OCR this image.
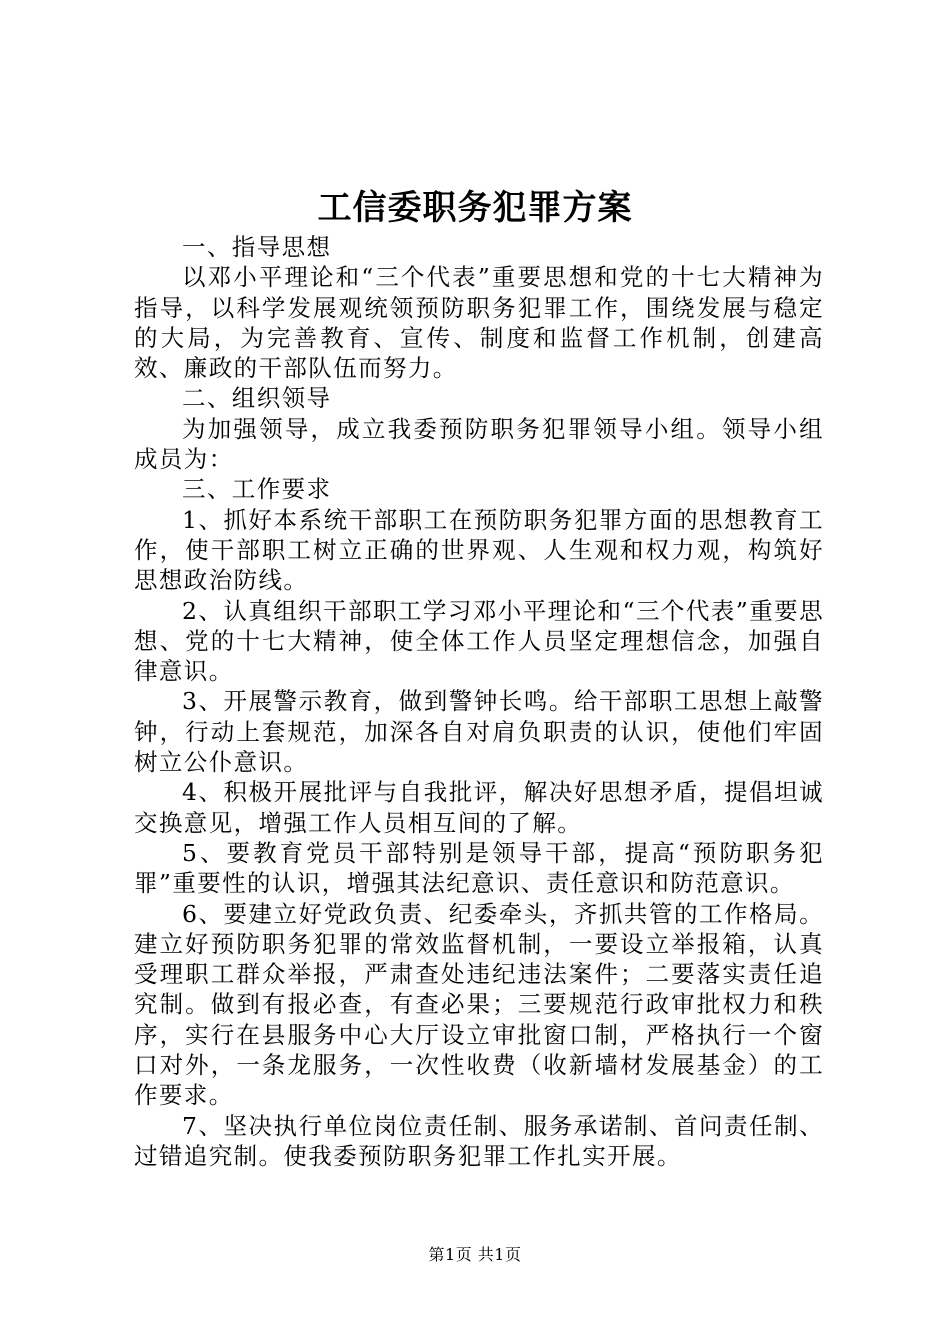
工信委职务犯罪方案

一、指导思想

以邓小平理论和“三个代表”重要思想和党的十七大精神为指导，以科学发展观统领预防职务犯罪工作，围绕发展与稳定的大局，为完善教育、宣传、制度和监督工作机制，创建高效、廉政的干部队伍而努力。

二、组织领导

为加强领导，成立我委预防职务犯罪领导小组。领导小组成员为：

三、工作要求

1、抓好本系统干部职工在预防职务犯罪方面的思想教育工作，使干部职工树立正确的世界观、人生观和权力观，构筑好思想政治防线。

2、认真组织干部职工学习邓小平理论和“三个代表”重要思想、党的十七大精神，使全体工作人员坚定理想信念，加强自律意识。

3、开展警示教育，做到警钟长鸣。给干部职工思想上敲警钟，行动上套规范，加深各自对肩负职责的认识，使他们牢固树立公仆意识。

4、积极开展批评与自我批评，解决好思想矛盾，提倡坦诚交换意见，增强工作人员相互间的了解。

5、要教育党员干部特别是领导干部，提高“预防职务犯罪”重要性的认识，增强其法纪意识、责任意识和防范意识。

6、要建立好党政负责、纪委牵头，齐抓共管的工作格局。建立好预防职务犯罪的常效监督机制，一要设立举报箱，认真受理职工群众举报，严肃查处违纪违法案件；二要落实责任追究制。做到有报必查，有查必果；三要规范行政审批权力和秩序，实行在县服务中心大厅设立审批窗口制，严格执行一个窗口对外，一条龙服务，一次性收费（收新墙材发展基金）的工作要求。

7、坚决执行单位岗位责任制、服务承诺制、首问责任制、过错追究制。使我委预防职务犯罪工作扎实开展。

第1页 共1页
